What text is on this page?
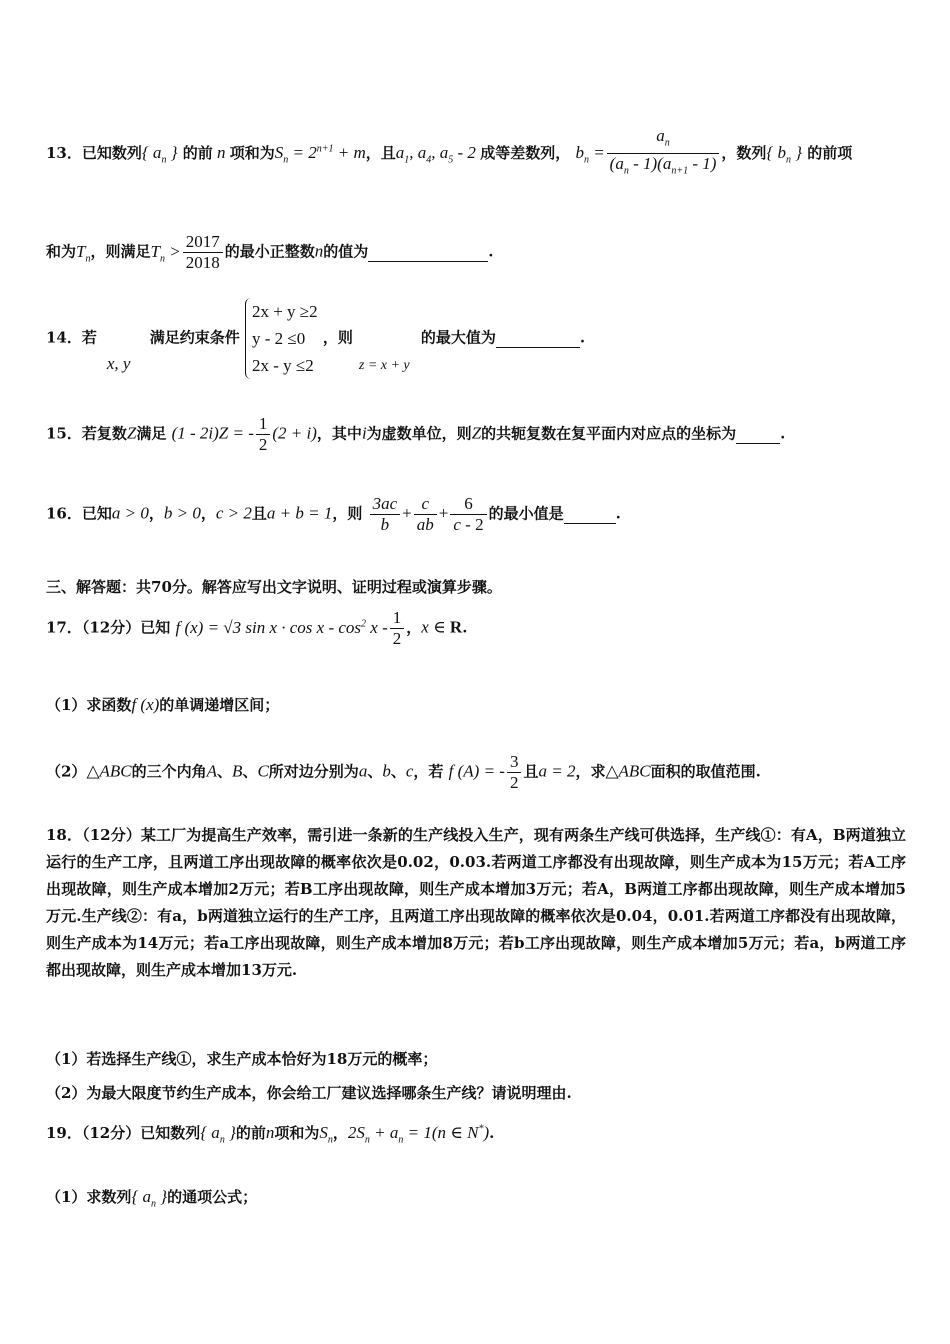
13．已知数列{ $a_n$ } 的前 n 项和为$S_n = 2^{n+1} + m$，且$a_1$, $a_4$, $a_5 - 2$ 成等差数列， $b_n = \frac{a_n}{(a_n - 1)(a_{n+1} - 1)}$ ，数列{ $b_n$ } 的前项
和为$T_n$，则满足$T_n > \frac{2017}{2018}$ 的最小正整数n的值为	.
14．若x, y 满足约束条件
2x + y ≥2
y - 2 ≤0
2x - y ≤2
，则z = x + y 的最大值为	.
15．若复数Z满足 (1 - 2i)Z = - $\frac{1}{2} (2 + i)$，其中i为虚数单位，则Z的共轭复数在复平面内对应点的坐标为	.
16．已知a > 0，b > 0，c > 2且a + b = 1，则 $\frac{3ac}{b} + \frac{c}{ab} + \frac{6}{c - 2}$ 的最小值是	.
三、解答题：共70分。解答应写出文字说明、证明过程或演算步骤。
17．（12分）已知 f (x) = √3 $\sin x \cdot \cos x - \cos^2 x - \frac{1}{2}$ ，x ∈ R.
（1）求函数f (x)的单调递增区间；
（2）△ABC的三个内角A、B、C所对边分别为a、b、c，若 f (A) = - $\frac{3}{2}$ 且a = 2，求△ABC面积的取值范围.
18．（12分）某工厂为提高生产效率，需引进一条新的生产线投入生产，现有两条生产线可供选择，生产线①：有A，B两道独立运行的生产工序，且两道工序出现故障的概率依次是0.02，0.03.若两道工序都没有出现故障，则生产成本为15万元；若A工序出现故障，则生产成本增加2万元；若B工序出现故障，则生产成本增加3万元；若A，B两道工序都出现故障，则生产成本增加5万元.生产线②：有a，b两道独立运行的生产工序，且两道工序出现故障的概率依次是0.04，0.01.若两道工序都没有出现故障，则生产成本为14万元；若a工序出现故障，则生产成本增加8万元；若b工序出现故障，则生产成本增加5万元；若a，b两道工序都出现故障，则生产成本增加13万元.
（1）若选择生产线①，求生产成本恰好为18万元的概率；
（2）为最大限度节约生产成本，你会给工厂建议选择哪条生产线？请说明理由.
19．（12分）已知数列{ $a_n$ }的前n项和为$S_n$，$2S_n + a_n = 1(n$ ∈ N*).
（1）求数列{ $a_n$ }的通项公式；
